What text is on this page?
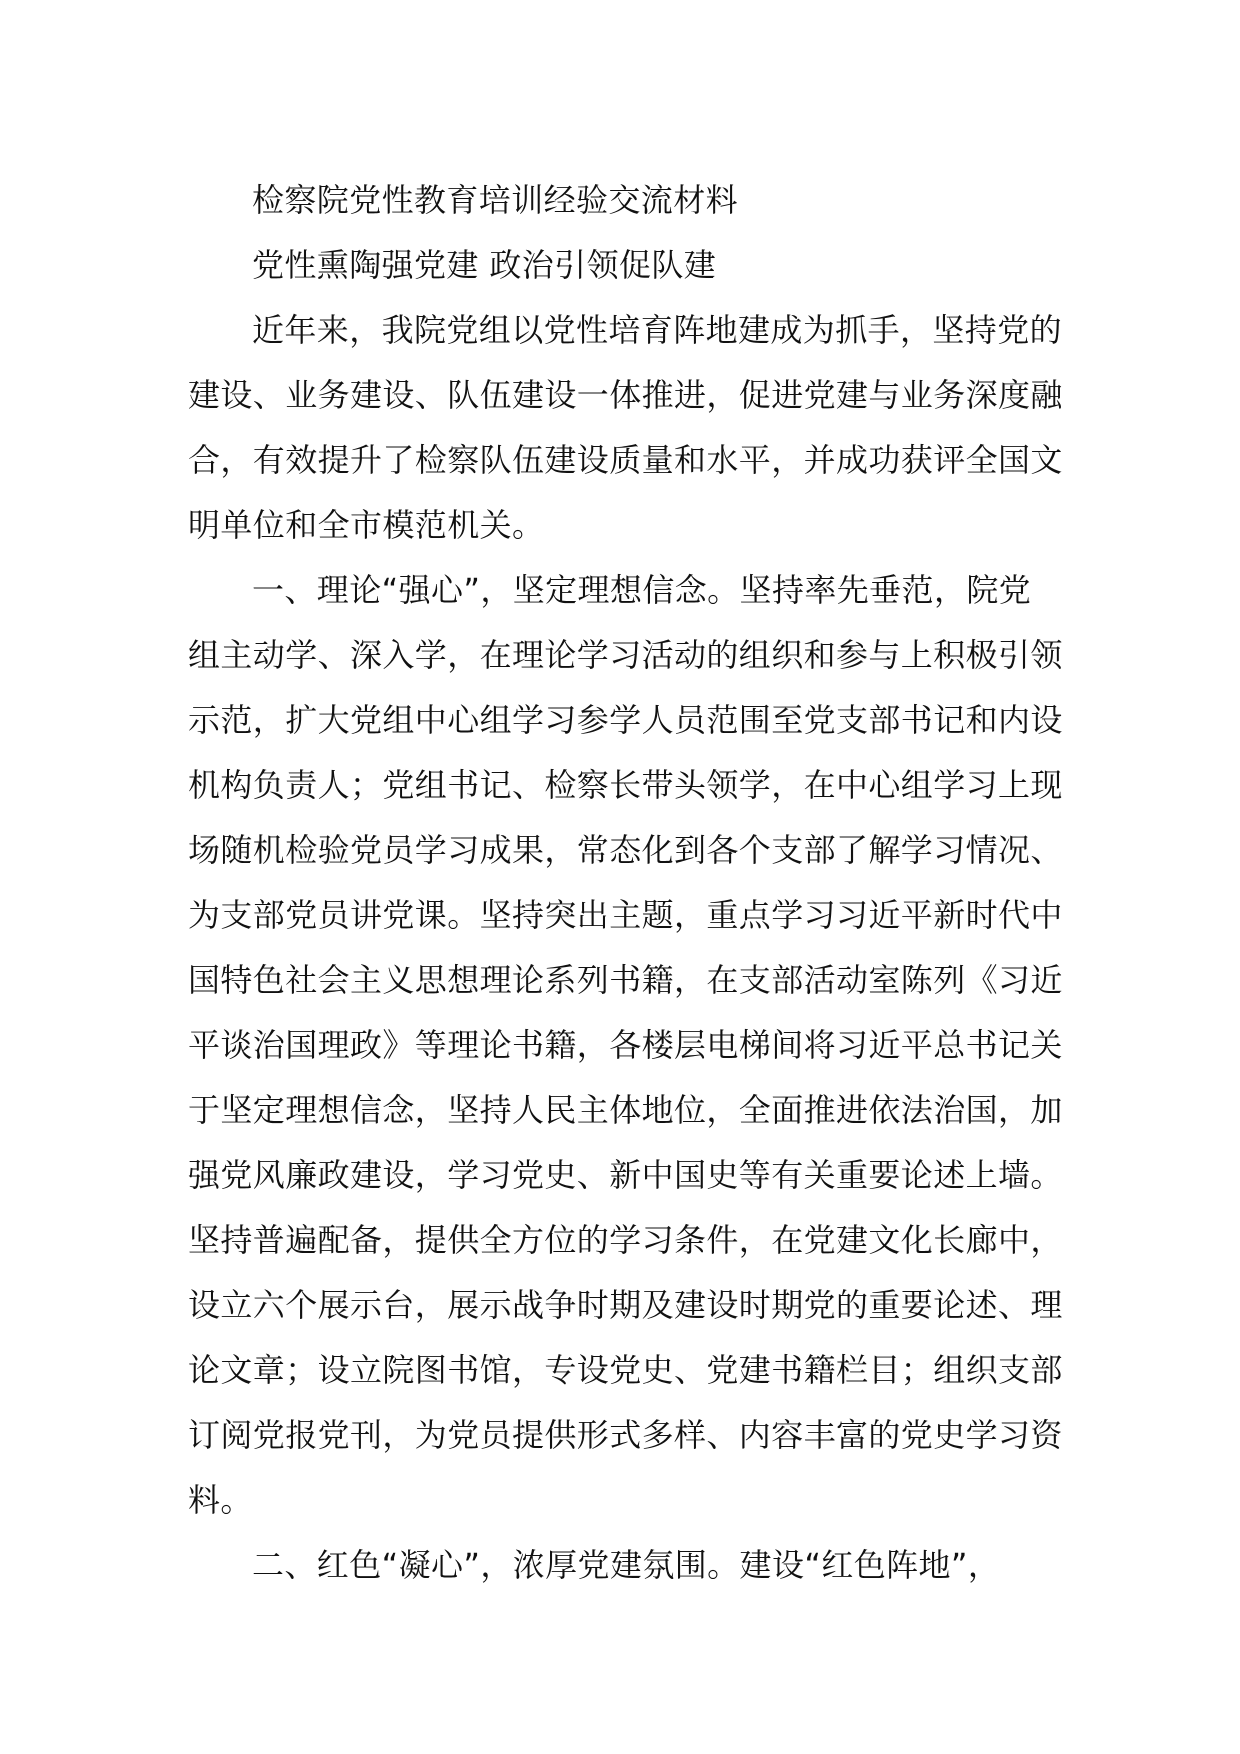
检察院党性教育培训经验交流材料
党性熏陶强党建 政治引领促队建
近年来，我院党组以党性培育阵地建成为抓手，坚持党的
建设、业务建设、队伍建设一体推进，促进党建与业务深度融
合，有效提升了检察队伍建设质量和水平，并成功获评全国文
明单位和全市模范机关。
一、理论“强心”，坚定理想信念。坚持率先垂范，院党
组主动学、深入学，在理论学习活动的组织和参与上积极引领
示范，扩大党组中心组学习参学人员范围至党支部书记和内设
机构负责人；党组书记、检察长带头领学，在中心组学习上现
场随机检验党员学习成果，常态化到各个支部了解学习情况、
为支部党员讲党课。坚持突出主题，重点学习习近平新时代中
国特色社会主义思想理论系列书籍，在支部活动室陈列《习近
平谈治国理政》等理论书籍，各楼层电梯间将习近平总书记关
于坚定理想信念，坚持人民主体地位，全面推进依法治国，加
强党风廉政建设，学习党史、新中国史等有关重要论述上墙。
坚持普遍配备，提供全方位的学习条件，在党建文化长廊中，
设立六个展示台，展示战争时期及建设时期党的重要论述、理
论文章；设立院图书馆，专设党史、党建书籍栏目；组织支部
订阅党报党刊，为党员提供形式多样、内容丰富的党史学习资
料。
二、红色“凝心”，浓厚党建氛围。建设“红色阵地”，
